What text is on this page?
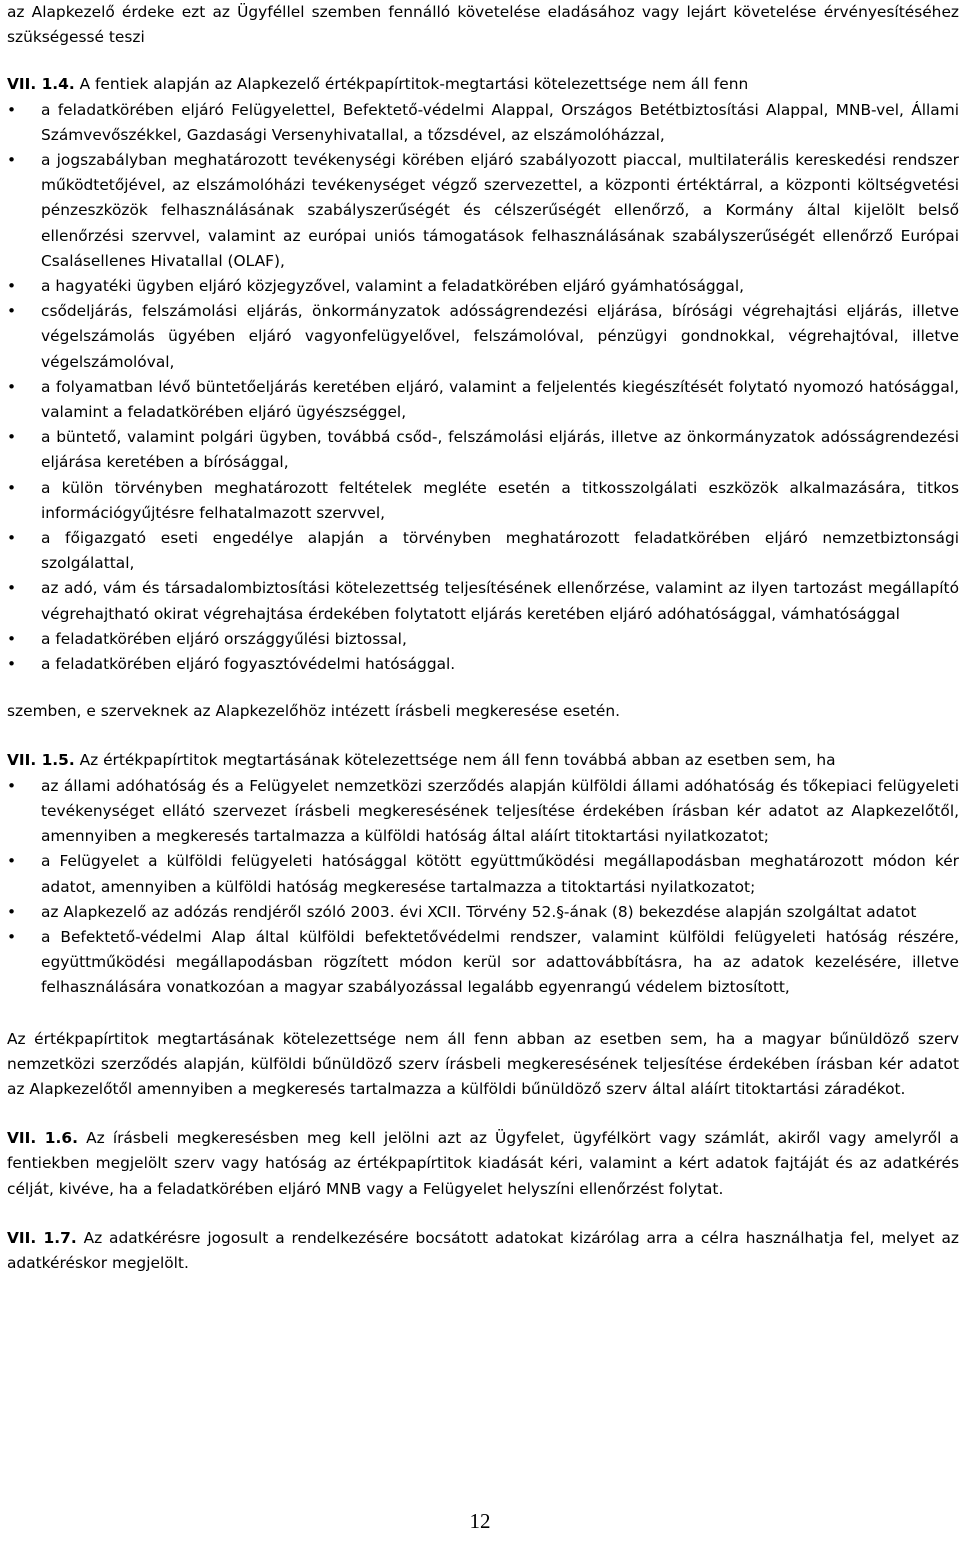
az Alapkezelő érdeke ezt az Ügyféllel szemben fennálló követelése eladásához vagy lejárt követelése érvényesítéséhez szükségessé teszi

VII. 1.4. A fentiek alapján az Alapkezelő értékpapírtitok-megtartási kötelezettsége nem áll fenn

• a feladatkörében eljáró Felügyelettel, Befektető-védelmi Alappal, Országos Betétbiztosítási Alappal, MNB-vel, Állami Számvevőszékkel, Gazdasági Versenyhivatallal, a tőzsdével, az elszámolóházzal,
• a jogszabályban meghatározott tevékenységi körében eljáró szabályozott piaccal, multilaterális kereskedési rendszer működtetőjével, az elszámolóházi tevékenységet végző szervezettel, a központi értéktárral, a központi költségvetési pénzeszközök felhasználásának szabályszerűségét és célszerűségét ellenőrző, a Kormány által kijelölt belső ellenőrzési szervvel, valamint az európai uniós támogatások felhasználásának szabályszerűségét ellenőrző Európai Csalásellenes Hivatallal (OLAF),
• a hagyatéki ügyben eljáró közjegyzővel, valamint a feladatkörében eljáró gyámhatósággal,
• csődeljárás, felszámolási eljárás, önkormányzatok adósságrendezési eljárása, bírósági végrehajtási eljárás, illetve végelszámolás ügyében eljáró vagyonfelügyelővel, felszámolóval, pénzügyi gondnokkal, végrehajtóval, illetve végelszámolóval,
• a folyamatban lévő büntetőeljárás keretében eljáró, valamint a feljelentés kiegészítését folytató nyomozó hatósággal, valamint a feladatkörében eljáró ügyészséggel,
• a büntető, valamint polgári ügyben, továbbá csőd-, felszámolási eljárás, illetve az önkormányzatok adósságrendezési eljárása keretében a bírósággal,
• a külön törvényben meghatározott feltételek megléte esetén a titkosszolgálati eszközök alkalmazására, titkos információgyűjtésre felhatalmazott szervvel,
• a főigazgató eseti engedélye alapján a törvényben meghatározott feladatkörében eljáró nemzetbiztonsági szolgálattal,
• az adó, vám és társadalombiztosítási kötelezettség teljesítésének ellenőrzése, valamint az ilyen tartozást megállapító végrehajtható okirat végrehajtása érdekében folytatott eljárás keretében eljáró adóhatósággal, vámhatósággal
• a feladatkörében eljáró országgyűlési biztossal,
• a feladatkörében eljáró fogyasztóvédelmi hatósággal.

szemben, e szerveknek az Alapkezelőhöz intézett írásbeli megkeresése esetén.

VII. 1.5. Az értékpapírtitok megtartásának kötelezettsége nem áll fenn továbbá abban az esetben sem, ha

• az állami adóhatóság és a Felügyelet nemzetközi szerződés alapján külföldi állami adóhatóság és tőkepiaci felügyeleti tevékenységet ellátó szervezet írásbeli megkeresésének teljesítése érdekében írásban kér adatot az Alapkezelőtől, amennyiben a megkeresés tartalmazza a külföldi hatóság által aláírt titoktartási nyilatkozatot;
• a Felügyelet a külföldi felügyeleti hatósággal kötött együttműködési megállapodásban meghatározott módon kér adatot, amennyiben a külföldi hatóság megkeresése tartalmazza a titoktartási nyilatkozatot;
• az Alapkezelő az adózás rendjéről szóló 2003. évi XCII. Törvény 52.§-ának (8) bekezdése alapján szolgáltat adatot
• a Befektető-védelmi Alap által külföldi befektetővédelmi rendszer, valamint külföldi felügyeleti hatóság részére, együttműködési megállapodásban rögzített módon kerül sor adattovábbításra, ha az adatok kezelésére, illetve felhasználására vonatkozóan a magyar szabályozással legalább egyenrangú védelem biztosított,

Az értékpapírtitok megtartásának kötelezettsége nem áll fenn abban az esetben sem, ha a magyar bűnüldöző szerv nemzetközi szerződés alapján, külföldi bűnüldöző szerv írásbeli megkeresésének teljesítése érdekében írásban kér adatot az Alapkezelőtől amennyiben a megkeresés tartalmazza a külföldi bűnüldöző szerv által aláírt titoktartási záradékot.

VII. 1.6. Az írásbeli megkeresésben meg kell jelölni azt az Ügyfelet, ügyfélkört vagy számlát, akiről vagy amelyről a fentiekben megjelölt szerv vagy hatóság az értékpapírtitok kiadását kéri, valamint a kért adatok fajtáját és az adatkérés célját, kivéve, ha a feladatkörében eljáró MNB vagy a Felügyelet helyszíni ellenőrzést folytat.

VII. 1.7. Az adatkérésre jogosult a rendelkezésére bocsátott adatokat kizárólag arra a célra használhatja fel, melyet az adatkéréskor megjelölt.

12
